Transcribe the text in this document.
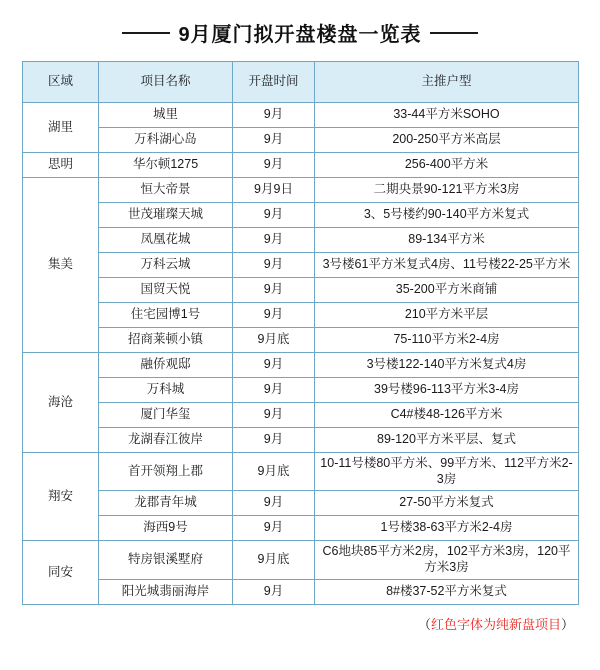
9月厦门拟开盘楼盘一览表
区域	项目名称	开盘时间	主推户型
湖里	城里	9月	33-44平方米SOHO
	万科湖心岛	9月	200-250平方米高层
思明	华尔顿1275	9月	256-400平方米
集美	恒大帝景	9月9日	二期央景90-121平方米3房
	世茂璀璨天城	9月	3、5号楼约90-140平方米复式
	凤凰花城	9月	89-134平方米
	万科云城	9月	3号楼61平方米复式4房、11号楼22-25平方米
	国贸天悦	9月	35-200平方米商铺
	住宅园博1号	9月	210平方米平层
	招商莱顿小镇	9月底	75-110平方米2-4房
海沧	融侨观邸	9月	3号楼122-140平方米复式4房
	万科城	9月	39号楼96-113平方米3-4房
	厦门华玺	9月	C4#楼48-126平方米
	龙湖春江彼岸	9月	89-120平方米平层、复式
翔安	首开领翔上郡	9月底	10-11号楼80平方米、99平方米、112平方米2-3房
	龙郡青年城	9月	27-50平方米复式
	海西9号	9月	1号楼38-63平方米2-4房
同安	特房银溪墅府	9月底	C6地块85平方米2房，102平方米3房，120平方米3房
	阳光城翡丽海岸	9月	8#楼37-52平方米复式
（红色字体为纯新盘项目）
